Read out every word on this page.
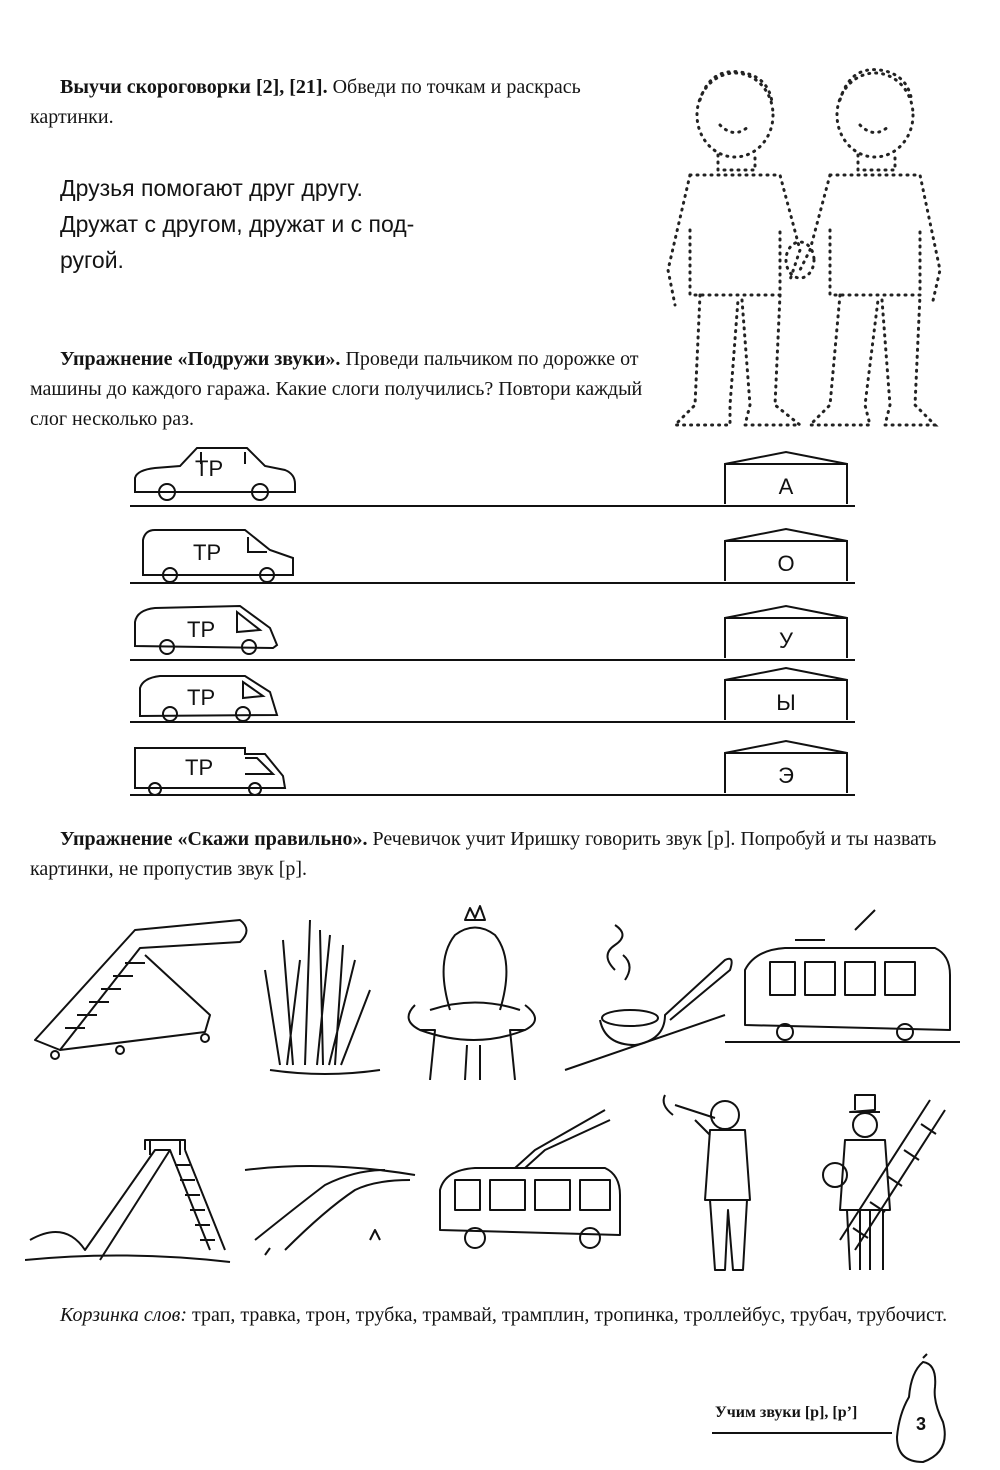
Выучи скороговорки [2], [21]. Обведи по точкам и раскрась картинки.
Друзья помогают друг другу.
Дружат с другом, дружат и с под-
ругой.
Упражнение «Подружи звуки». Проведи пальчиком по дорожке от машины до каждого гаража. Какие слоги получились? Повтори каждый слог несколько раз.
ТР
ТР
ТР
ТР
ТР
А
О
У
Ы
Э
Упражнение «Скажи правильно». Речевичок учит Иришку говорить звук [р]. Попробуй и ты назвать картинки, не пропустив звук [р].
Корзинка слов: трап, травка, трон, трубка, трамвай, трамплин, тропинка, троллейбус, трубач, трубочист.
Учим звуки [р], [р’]
3
